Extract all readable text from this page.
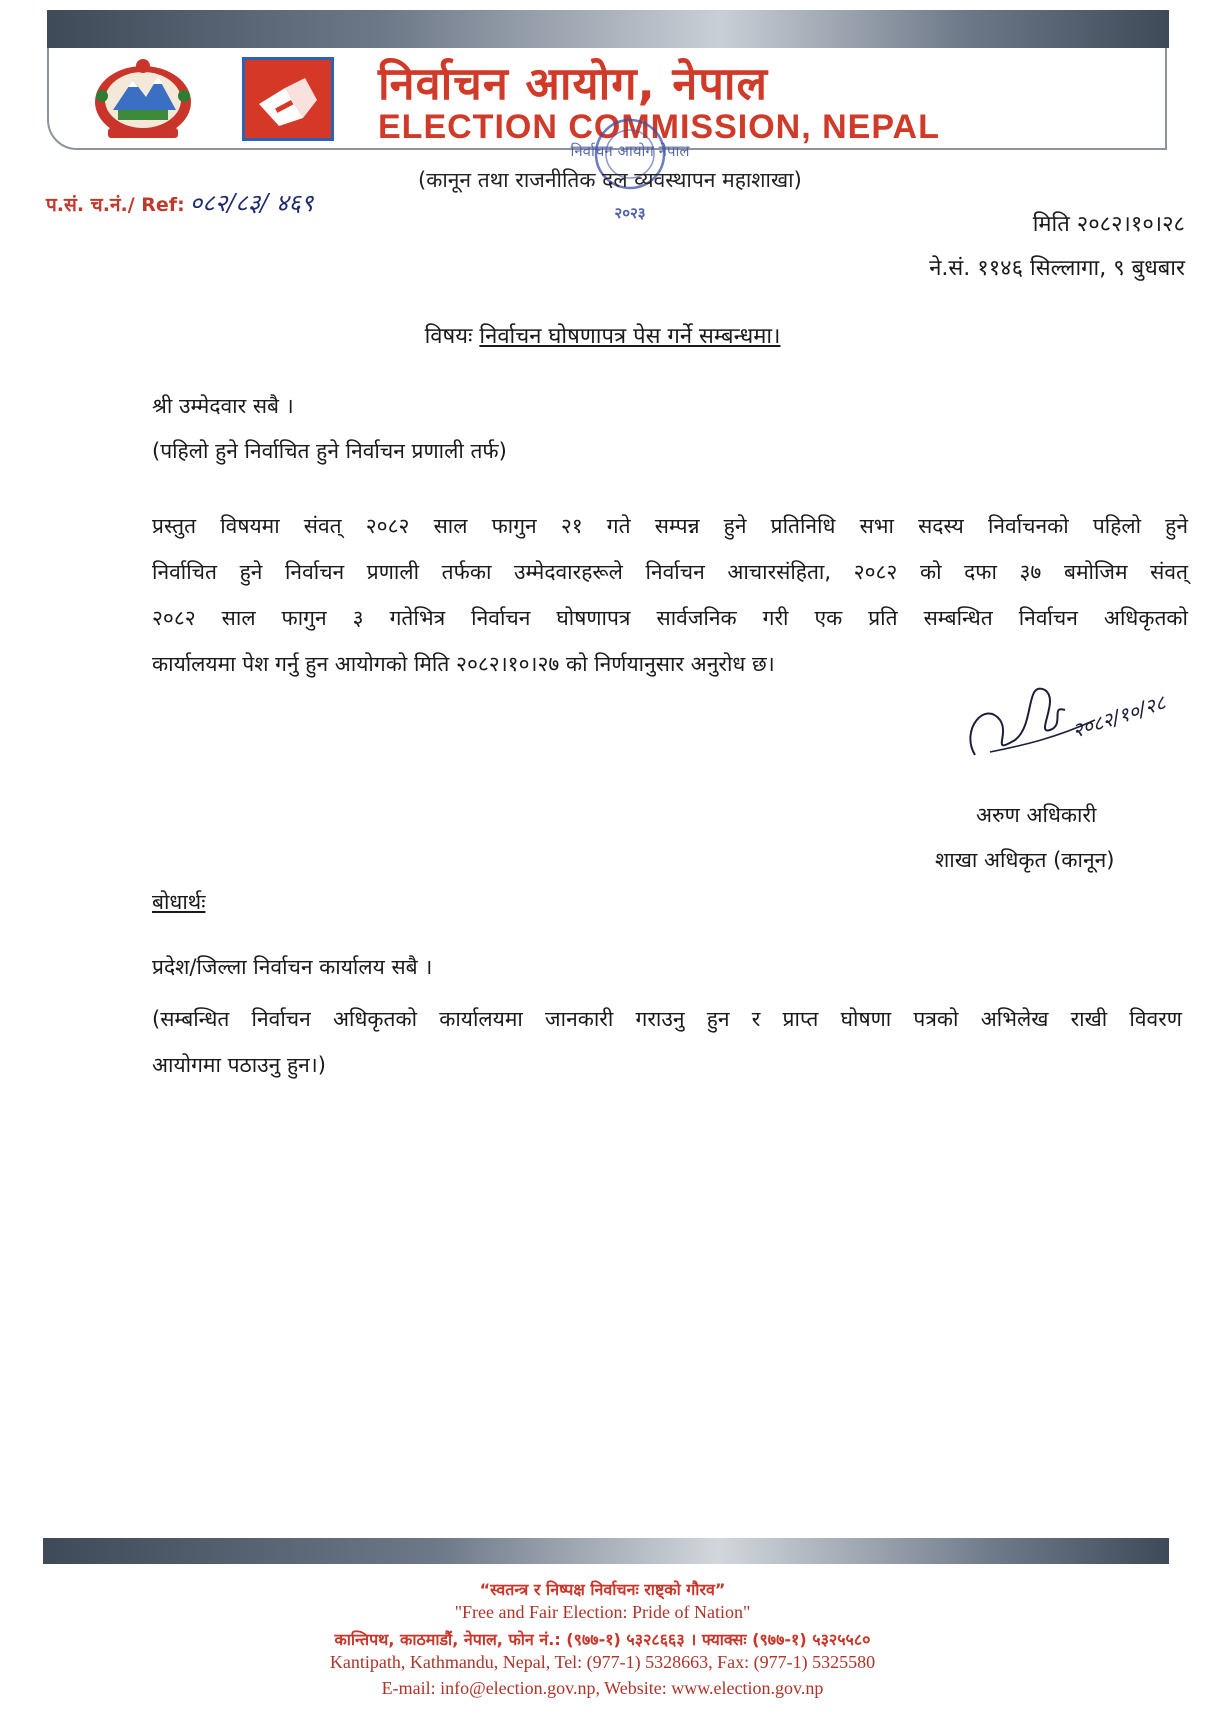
निर्वाचन आयोग, नेपाल
ELECTION COMMISSION, NEPAL
निर्वाचन आयोग नेपाल
२०२३
(कानून तथा राजनीतिक दल व्यवस्थापन महाशाखा)
प.सं. च.नं./ Ref: ०८२/८३/ ४६९
मिति २०८२।१०।२८
ने.सं. ११४६ सिल्लागा, ९ बुधबार
विषयः निर्वाचन घोषणापत्र पेस गर्ने सम्बन्धमा।
श्री उम्मेदवार सबै ।
(पहिलो हुने निर्वाचित हुने निर्वाचन प्रणाली तर्फ)
प्रस्तुत विषयमा संवत् २०८२ साल फागुन २१ गते सम्पन्न हुने प्रतिनिधि सभा सदस्य निर्वाचनको पहिलो हुने
निर्वाचित हुने निर्वाचन प्रणाली तर्फका उम्मेदवारहरूले निर्वाचन आचारसंहिता, २०८२ को दफा ३७ बमोजिम संवत्
२०८२ साल फागुन ३ गतेभित्र निर्वाचन घोषणापत्र सार्वजनिक गरी एक प्रति सम्बन्धित निर्वाचन अधिकृतको
कार्यालयमा पेश गर्नु हुन आयोगको मिति २०८२।१०।२७ को निर्णयानुसार अनुरोध छ।
२०८२/१०/२८
अरुण अधिकारी
शाखा अधिकृत (कानून)
बोधार्थः
प्रदेश/जिल्ला निर्वाचन कार्यालय सबै ।
(सम्बन्धित निर्वाचन अधिकृतको कार्यालयमा जानकारी गराउनु हुन र प्राप्त घोषणा पत्रको अभिलेख राखी विवरण
आयोगमा पठाउनु हुन।)
“स्वतन्त्र र निष्पक्ष निर्वाचनः राष्ट्को गौरव”
"Free and Fair Election: Pride of Nation"
कान्तिपथ, काठमाडौं, नेपाल, फोन नं.: (९७७-१) ५३२८६६३ । फ्याक्सः (९७७-१) ५३२५५८०
Kantipath, Kathmandu, Nepal, Tel: (977-1) 5328663, Fax: (977-1) 5325580
E-mail: info@election.gov.np, Website: www.election.gov.np
